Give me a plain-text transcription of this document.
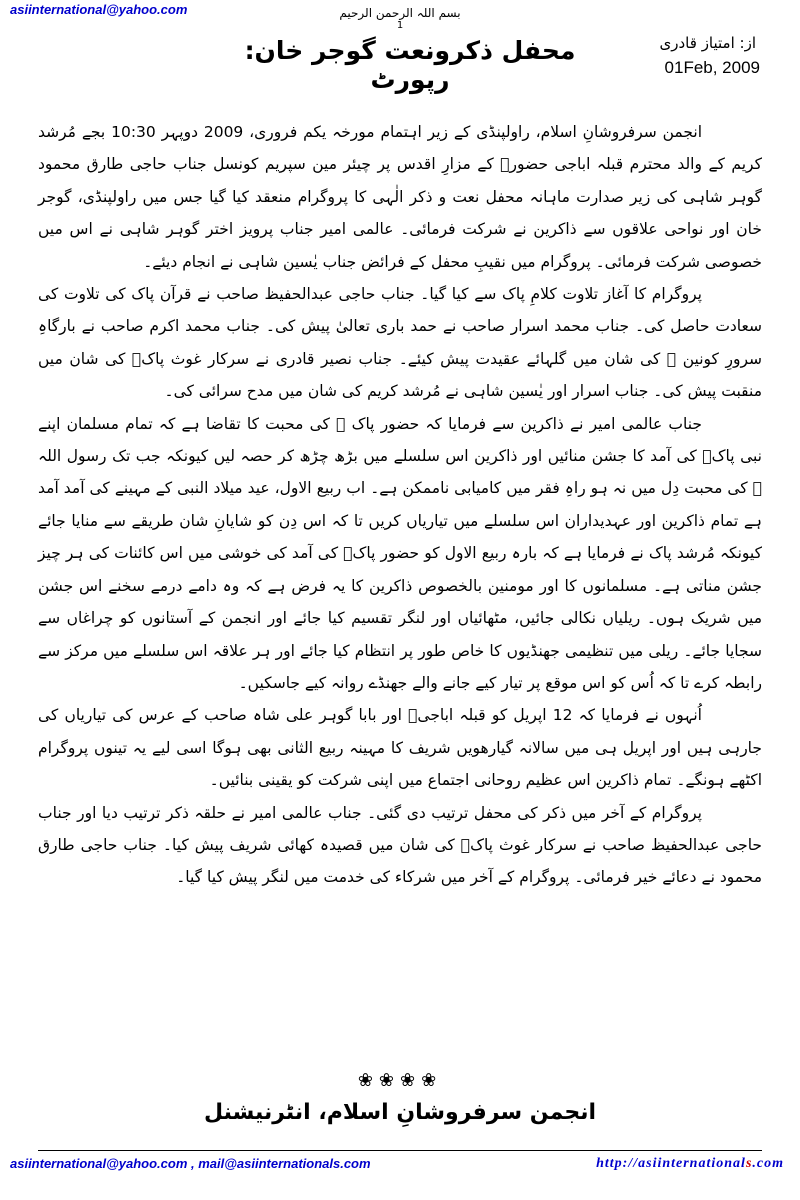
asiinternational@yahoo.com	بسم اللہ الرحمن الرحیم
1
از: امتیاز قادری
01Feb, 2009
محفل ذکرونعت گوجر خان: رپورٹ

انجمن سرفروشانِ اسلام، راولپنڈی کے زیر اہتمام مورخہ یکم فروری، 2009 دوپہر 10:30 بجے مُرشد کریم کے والد محترم قبلہ اباجی حضورؒ کے مزارِ اقدس پر چیئر مین سپریم کونسل جناب حاجی طارق محمود گوہر شاہی کی زیر صدارت ماہانہ محفل نعت و ذکر الٰہی کا پروگرام منعقد کیا گیا جس میں راولپنڈی، گوجر خان اور نواحی علاقوں سے ذاکرین نے شرکت فرمائی۔ عالمی امیر جناب پرویز اختر گوہر شاہی نے اس میں خصوصی شرکت فرمائی۔ پروگرام میں نقیبِ محفل کے فرائض جناب یٰسین شاہی نے انجام دیئے۔

پروگرام کا آغاز تلاوت کلامِ پاک سے کیا گیا۔ جناب حاجی عبدالحفیظ صاحب نے قرآن پاک کی تلاوت کی سعادت حاصل کی۔ جناب محمد اسرار صاحب نے حمد باری تعالیٰ پیش کی۔ جناب محمد اکرم صاحب نے بارگاہِ سرورِ کونین ﷺ کی شان میں گلہائے عقیدت پیش کیئے۔ جناب نصیر قادری نے سرکار غوث پاکؒ کی شان میں منقبت پیش کی۔ جناب اسرار اور یٰسین شاہی نے مُرشد کریم کی شان میں مدح سرائی کی۔

جناب عالمی امیر نے ذاکرین سے فرمایا کہ حضور پاک ﷺ کی محبت کا تقاضا ہے کہ تمام مسلمان اپنے نبی پاکؐ کی آمد کا جشن منائیں اور ذاکرین اس سلسلے میں بڑھ چڑھ کر حصہ لیں کیونکہ جب تک رسول اللہ ﷺ کی محبت دِل میں نہ ہو راہِ فقر میں کامیابی ناممکن ہے۔ اب ربیع الاول، عید میلاد النبی کے مہینے کی آمد آمد ہے تمام ذاکرین اور عہدیداران اس سلسلے میں تیاریاں کریں تا کہ اس دِن کو شایانِ شان طریقے سے منایا جائے کیونکہ مُرشد پاک نے فرمایا ہے کہ بارہ ربیع الاول کو حضور پاکؐ کی آمد کی خوشی میں اس کائنات کی ہر چیز جشن مناتی ہے۔ مسلمانوں کا اور مومنین بالخصوص ذاکرین کا یہ فرض ہے کہ وہ دامے درمے سخنے اس جشن میں شریک ہوں۔ ریلیاں نکالی جائیں، مٹھائیاں اور لنگر تقسیم کیا جائے اور انجمن کے آستانوں کو چراغاں سے سجایا جائے۔ ریلی میں تنظیمی جھنڈیوں کا خاص طور پر انتظام کیا جائے اور ہر علاقہ اس سلسلے میں مرکز سے رابطہ کرے تا کہ اُس کو اس موقع پر تیار کیے جانے والے جھنڈے روانہ کیے جاسکیں۔

اُنہوں نے فرمایا کہ 12 اپریل کو قبلہ اباجیؒ اور بابا گوہر علی شاہ صاحب کے عرس کی تیاریاں کی جارہی ہیں اور اپریل ہی میں سالانہ گیارھویں شریف کا مہینہ ربیع الثانی بھی ہوگا اسی لیے یہ تینوں پروگرام اکٹھے ہونگے۔ تمام ذاکرین اس عظیم روحانی اجتماع میں اپنی شرکت کو یقینی بنائیں۔

پروگرام کے آخر میں ذکر کی محفل ترتیب دی گئی۔ جناب عالمی امیر نے حلقہ ذکر ترتیب دیا اور جناب حاجی عبدالحفیظ صاحب نے سرکار غوث پاکؒ کی شان میں قصیدہ کھائی شریف پیش کیا۔ جناب حاجی طارق محمود نے دعائے خیر فرمائی۔ پروگرام کے آخر میں شرکاء کی خدمت میں لنگر پیش کیا گیا۔

❀❀❀❀
انجمن سرفروشانِ اسلام، انٹرنیشنل
asiinternational@yahoo.com , mail@asiinternationals.com	http://asiinternationals.com
